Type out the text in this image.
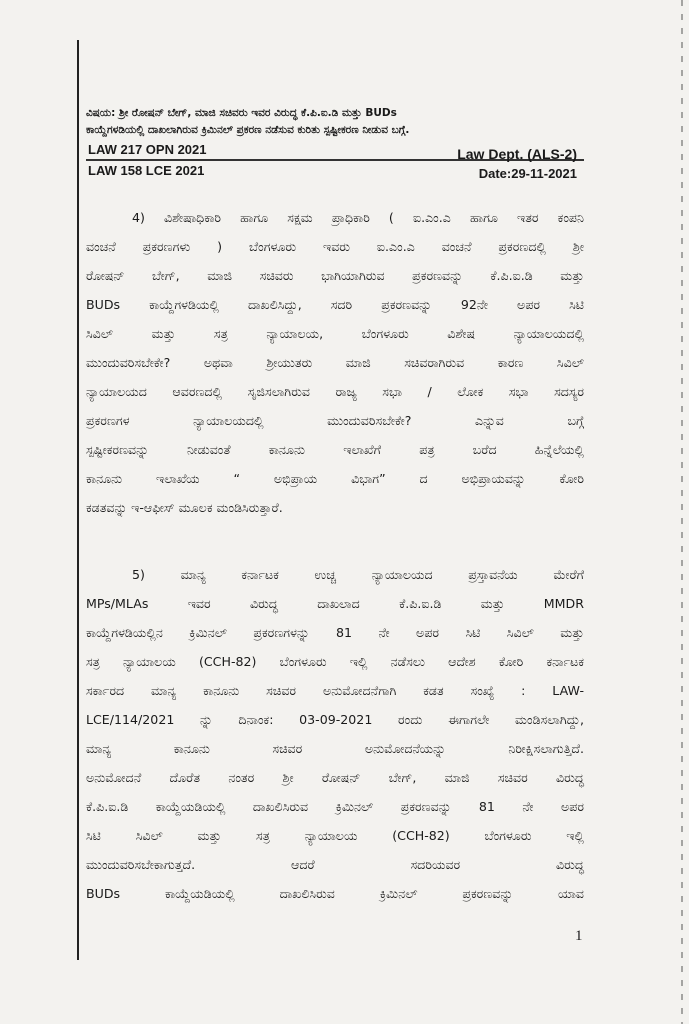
ವಿಷಯ: ಶ್ರೀ ರೋಷನ್ ಬೇಗ್, ಮಾಜಿ ಸಚಿವರು ಇವರ ವಿರುದ್ಧ ಕೆ.ಪಿ.ಐ.ಡಿ ಮತ್ತು BUDs
ಕಾಯ್ದೆಗಳಡಿಯಲ್ಲಿ ದಾಖಲಾಗಿರುವ ಕ್ರಿಮಿನಲ್ ಪ್ರಕರಣ ನಡೆಸುವ ಕುರಿತು ಸ್ಪಷ್ಟೀಕರಣ ನೀಡುವ ಬಗ್ಗೆ.
LAW 217 OPN 2021
LAW 158 LCE 2021
Law Dept. (ALS-2)
Date:29-11-2021
4) ವಿಶೇಷಾಧಿಕಾರಿ ಹಾಗೂ ಸಕ್ಷಮ ಪ್ರಾಧಿಕಾರಿ ( ಐ.ಎಂ.ಎ ಹಾಗೂ ಇತರ ಕಂಪನಿ
ವಂಚನೆ ಪ್ರಕರಣಗಳು ) ಬೆಂಗಳೂರು ಇವರು ಐ.ಎಂ.ಎ ವಂಚನೆ ಪ್ರಕರಣದಲ್ಲಿ ಶ್ರೀ
ರೋಷನ್ ಬೇಗ್, ಮಾಜಿ ಸಚಿವರು ಭಾಗಿಯಾಗಿರುವ ಪ್ರಕರಣವನ್ನು ಕೆ.ಪಿ.ಐ.ಡಿ ಮತ್ತು
BUDs ಕಾಯ್ದೆಗಳಡಿಯಲ್ಲಿ ದಾಖಲಿಸಿದ್ದು, ಸದರಿ ಪ್ರಕರಣವನ್ನು 92ನೇ ಅಪರ ಸಿಟಿ
ಸಿವಿಲ್ ಮತ್ತು ಸತ್ರ ನ್ಯಾಯಾಲಯ, ಬೆಂಗಳೂರು ವಿಶೇಷ ನ್ಯಾಯಾಲಯದಲ್ಲಿ
ಮುಂದುವರಿಸಬೇಕೇ? ಅಥವಾ ಶ್ರೀಯುತರು ಮಾಜಿ ಸಚಿವರಾಗಿರುವ ಕಾರಣ ಸಿವಿಲ್
ನ್ಯಾಯಾಲಯದ ಆವರಣದಲ್ಲಿ ಸೃಜಿಸಲಾಗಿರುವ ರಾಜ್ಯ ಸಭಾ / ಲೋಕ ಸಭಾ ಸದಸ್ಯರ
ಪ್ರಕರಣಗಳ ನ್ಯಾಯಾಲಯದಲ್ಲಿ ಮುಂದುವರಿಸಬೇಕೇ? ಎನ್ನುವ ಬಗ್ಗೆ
ಸ್ಪಷ್ಟೀಕರಣವನ್ನು ನೀಡುವಂತೆ ಕಾನೂನು ಇಲಾಖೆಗೆ ಪತ್ರ ಬರೆದ ಹಿನ್ನೆಲೆಯಲ್ಲಿ
ಕಾನೂನು ಇಲಾಖೆಯ “ ಅಭಿಪ್ರಾಯ ವಿಭಾಗ” ದ ಅಭಿಪ್ರಾಯವನ್ನು ಕೋರಿ
ಕಡತವನ್ನು ಇ-ಆಫೀಸ್ ಮೂಲಕ ಮಂಡಿಸಿರುತ್ತಾರೆ.
5) ಮಾನ್ಯ ಕರ್ನಾಟಕ ಉಚ್ಚ ನ್ಯಾಯಾಲಯದ ಪ್ರಸ್ತಾವನೆಯ ಮೇರೆಗೆ
MPs/MLAs ಇವರ ವಿರುದ್ಧ ದಾಖಲಾದ ಕೆ.ಪಿ.ಐ.ಡಿ ಮತ್ತು MMDR
ಕಾಯ್ದೆಗಳಡಿಯಲ್ಲಿನ ಕ್ರಿಮಿನಲ್ ಪ್ರಕರಣಗಳನ್ನು 81 ನೇ ಅಪರ ಸಿಟಿ ಸಿವಿಲ್ ಮತ್ತು
ಸತ್ರ ನ್ಯಾಯಾಲಯ (CCH-82) ಬೆಂಗಳೂರು ಇಲ್ಲಿ ನಡೆಸಲು ಆದೇಶ ಕೋರಿ ಕರ್ನಾಟಕ
ಸರ್ಕಾರದ ಮಾನ್ಯ ಕಾನೂನು ಸಚಿವರ ಅನುಮೋದನೆಗಾಗಿ ಕಡತ ಸಂಖ್ಯೆ : LAW-
LCE/114/2021 ನ್ನು ದಿನಾಂಕ: 03-09-2021 ರಂದು ಈಗಾಗಲೇ ಮಂಡಿಸಲಾಗಿದ್ದು,
ಮಾನ್ಯ ಕಾನೂನು ಸಚಿವರ ಅನುಮೋದನೆಯನ್ನು ನಿರೀಕ್ಷಿಸಲಾಗುತ್ತಿದೆ.
ಅನುಮೋದನೆ ದೊರೆತ ನಂತರ ಶ್ರೀ ರೋಷನ್ ಬೇಗ್, ಮಾಜಿ ಸಚಿವರ ವಿರುದ್ಧ
ಕೆ.ಪಿ.ಐ.ಡಿ ಕಾಯ್ದೆಯಡಿಯಲ್ಲಿ ದಾಖಲಿಸಿರುವ ಕ್ರಿಮಿನಲ್ ಪ್ರಕರಣವನ್ನು 81 ನೇ ಅಪರ
ಸಿಟಿ ಸಿವಿಲ್ ಮತ್ತು ಸತ್ರ ನ್ಯಾಯಾಲಯ (CCH-82) ಬೆಂಗಳೂರು ಇಲ್ಲಿ
ಮುಂದುವರಿಸಬೇಕಾಗುತ್ತದೆ. ಆದರೆ ಸದರಿಯವರ ವಿರುದ್ಧ
BUDs ಕಾಯ್ದೆಯಡಿಯಲ್ಲಿ ದಾಖಲಿಸಿರುವ ಕ್ರಿಮಿನಲ್ ಪ್ರಕರಣವನ್ನು ಯಾವ
1
